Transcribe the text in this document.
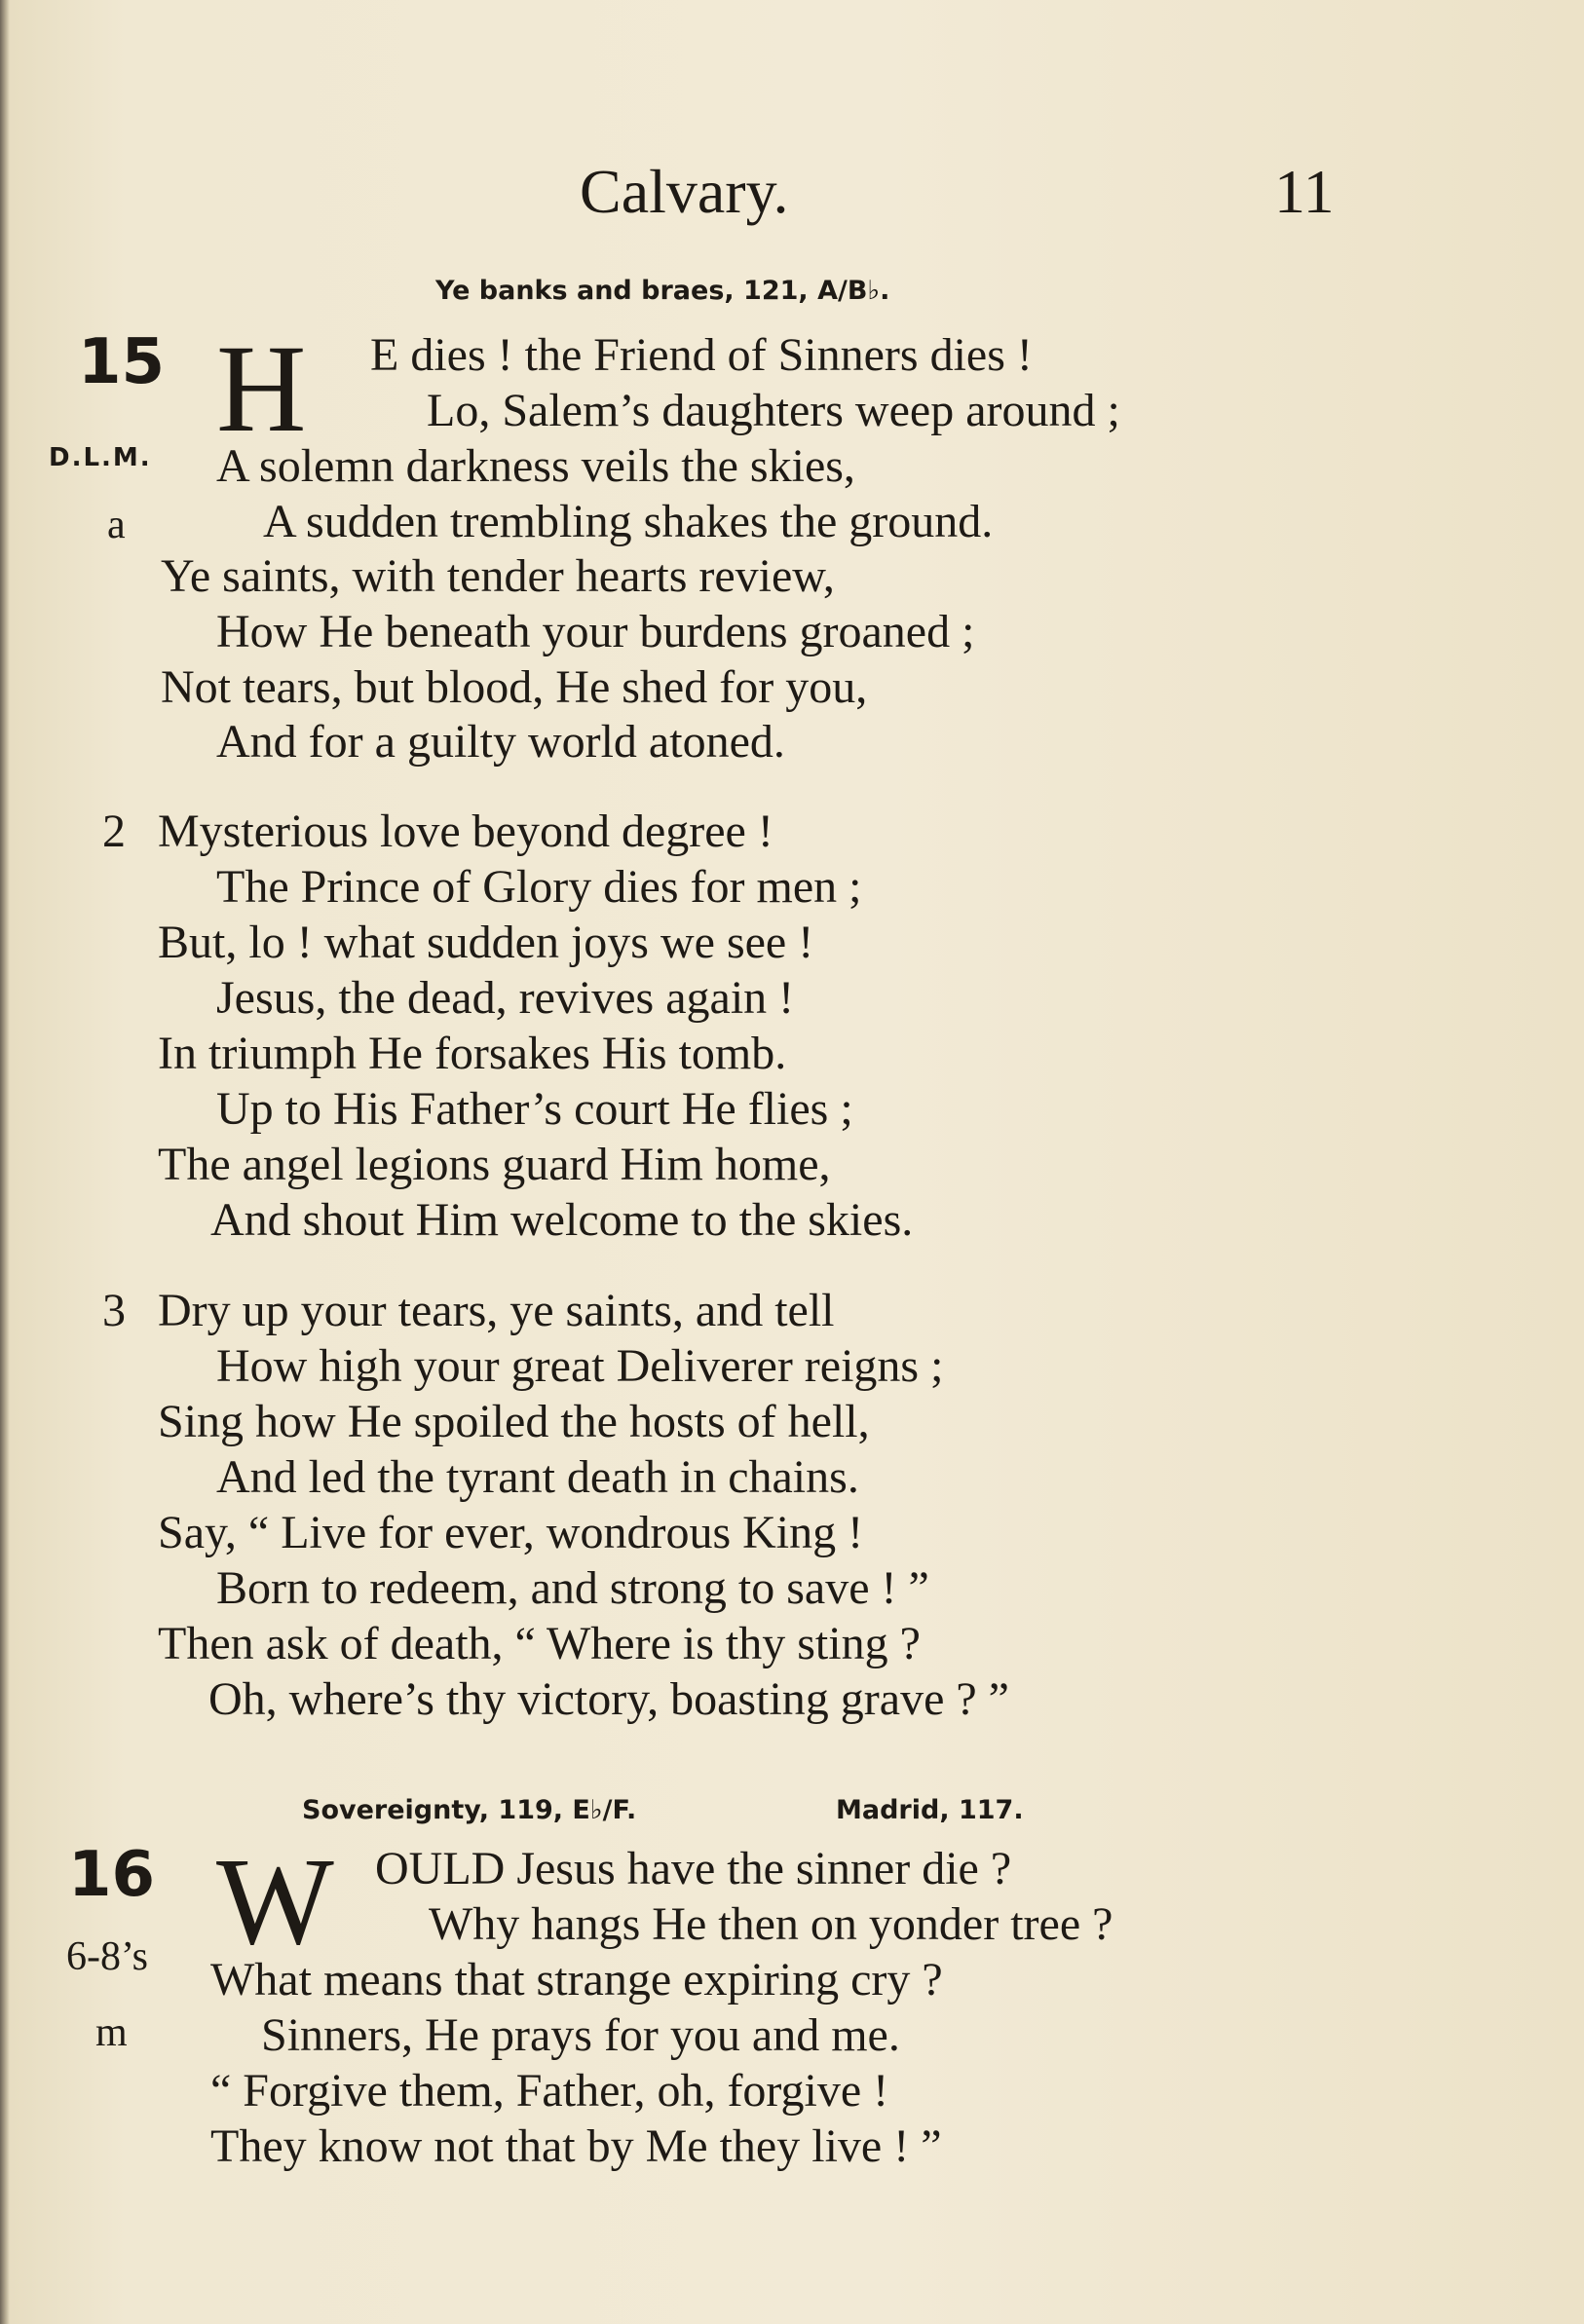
Calvary.	11
Ye banks and braes, 121, A/B♭.
15
D.L.M.
a
H E dies ! the Friend of Sinners dies !
Lo, Salem’s daughters weep around ;
A solemn darkness veils the skies,
A sudden trembling shakes the ground.
Ye saints, with tender hearts review,
How He beneath your burdens groaned ;
Not tears, but blood, He shed for you,
And for a guilty world atoned.
2 Mysterious love beyond degree !
The Prince of Glory dies for men ;
But, lo ! what sudden joys we see !
Jesus, the dead, revives again !
In triumph He forsakes His tomb.
Up to His Father’s court He flies ;
The angel legions guard Him home,
And shout Him welcome to the skies.
3 Dry up your tears, ye saints, and tell
How high your great Deliverer reigns ;
Sing how He spoiled the hosts of hell,
And led the tyrant death in chains.
Say, “ Live for ever, wondrous King !
Born to redeem, and strong to save ! ”
Then ask of death, “ Where is thy sting ?
Oh, where’s thy victory, boasting grave ? ”
Sovereignty, 119, E♭/F.	Madrid, 117.
16
6-8’s
m
W OULD Jesus have the sinner die ?
Why hangs He then on yonder tree ?
What means that strange expiring cry ?
Sinners, He prays for you and me.
“ Forgive them, Father, oh, forgive !
They know not that by Me they live ! ”
